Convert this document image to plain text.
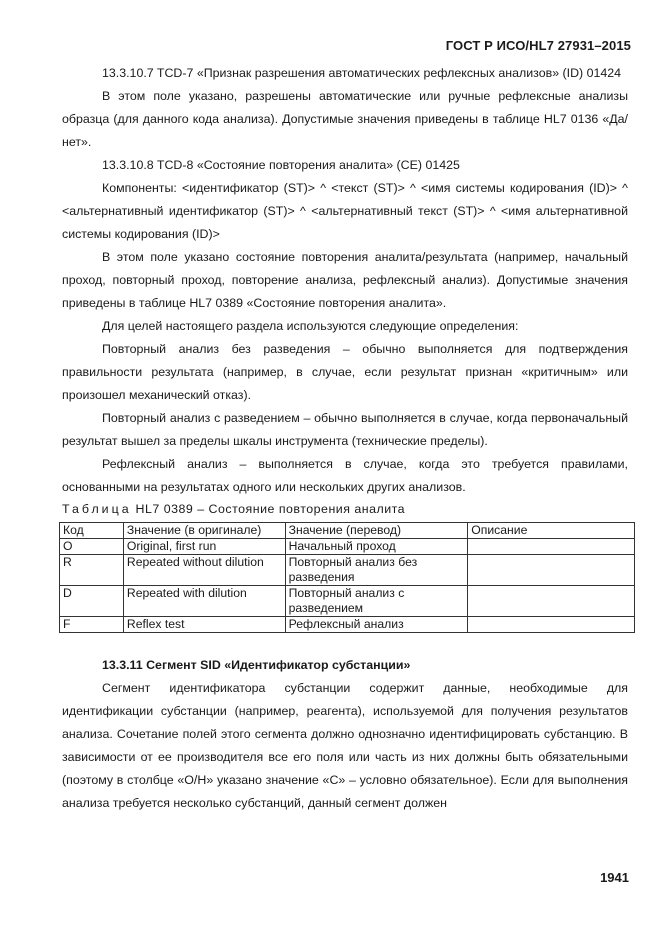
ГОСТ Р ИСО/HL7 27931–2015

13.3.10.7 TCD-7 «Признак разрешения автоматических рефлексных анализов» (ID) 01424

В этом поле указано, разрешены автоматические или ручные рефлексные анализы образца (для данного кода анализа). Допустимые значения приведены в таблице HL7 0136 «Да/нет».

13.3.10.8 TCD-8 «Состояние повторения аналита» (CE) 01425

Компоненты: <идентификатор (ST)> ^ <текст (ST)> ^ <имя системы кодирования (ID)> ^ <альтернативный идентификатор (ST)> ^ <альтернативный текст (ST)> ^ <имя альтернативной системы кодирования (ID)>

В этом поле указано состояние повторения аналита/результата (например, начальный проход, повторный проход, повторение анализа, рефлексный анализ). Допустимые значения приведены в таблице HL7 0389 «Состояние повторения аналита».

Для целей настоящего раздела используются следующие определения:

Повторный анализ без разведения – обычно выполняется для подтверждения правильности результата (например, в случае, если результат признан «критичным» или произошел механический отказ).

Повторный анализ с разведением – обычно выполняется в случае, когда первоначальный результат вышел за пределы шкалы инструмента (технические пределы).

Рефлексный анализ – выполняется в случае, когда это требуется правилами, основанными на результатах одного или нескольких других анализов.

Таблица HL7 0389 – Состояние повторения аналита

Код	Значение (в оригинале)	Значение (перевод)	Описание
O	Original, first run	Начальный проход	
R	Repeated without dilution	Повторный анализ без разведения	
D	Repeated with dilution	Повторный анализ с разведением	
F	Reflex test	Рефлексный анализ	

13.3.11 Сегмент SID «Идентификатор субстанции»

Сегмент идентификатора субстанции содержит данные, необходимые для идентификации субстанции (например, реагента), используемой для получения результатов анализа. Сочетание полей этого сегмента должно однозначно идентифицировать субстанцию. В зависимости от ее производителя все его поля или часть из них должны быть обязательными (поэтому в столбце «О/Н» указано значение «С» – условно обязательное). Если для выполнения анализа требуется несколько субстанций, данный сегмент должен

1941
